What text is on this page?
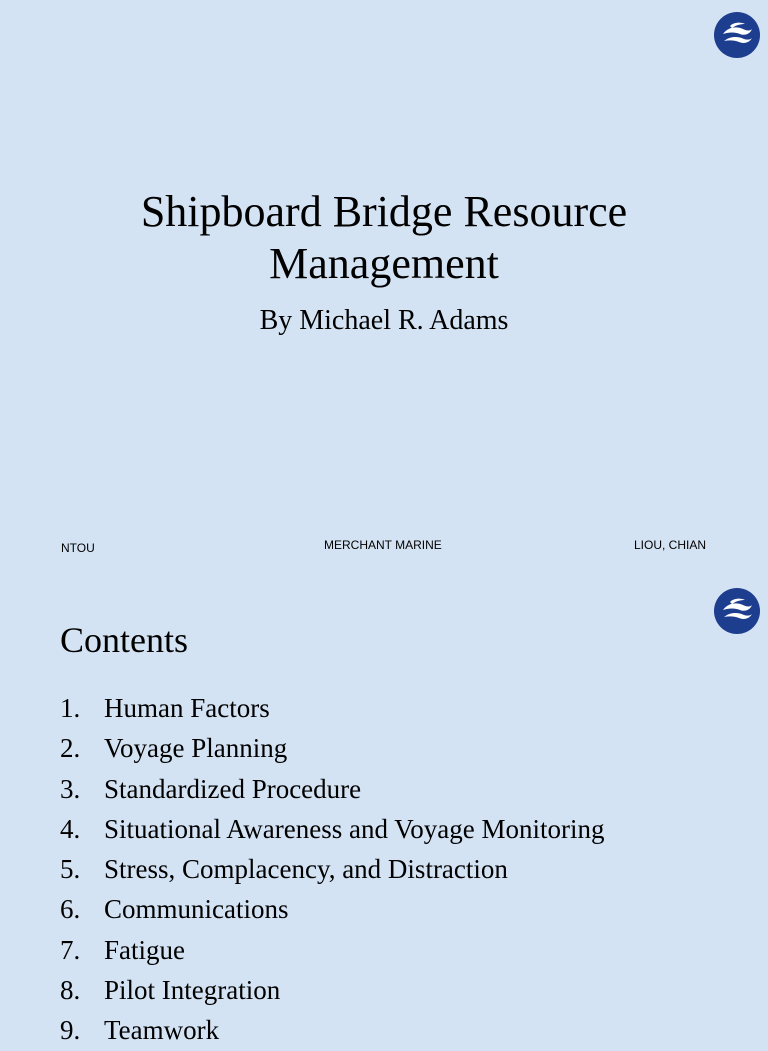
Shipboard Bridge Resource
Management
By Michael R. Adams
NTOU	MERCHANT MARINE	LIOU, CHIAN
Contents
1. Human Factors
2. Voyage Planning
3. Standardized Procedure
4. Situational Awareness and Voyage Monitoring
5. Stress, Complacency, and Distraction
6. Communications
7. Fatigue
8. Pilot Integration
9. Teamwork
